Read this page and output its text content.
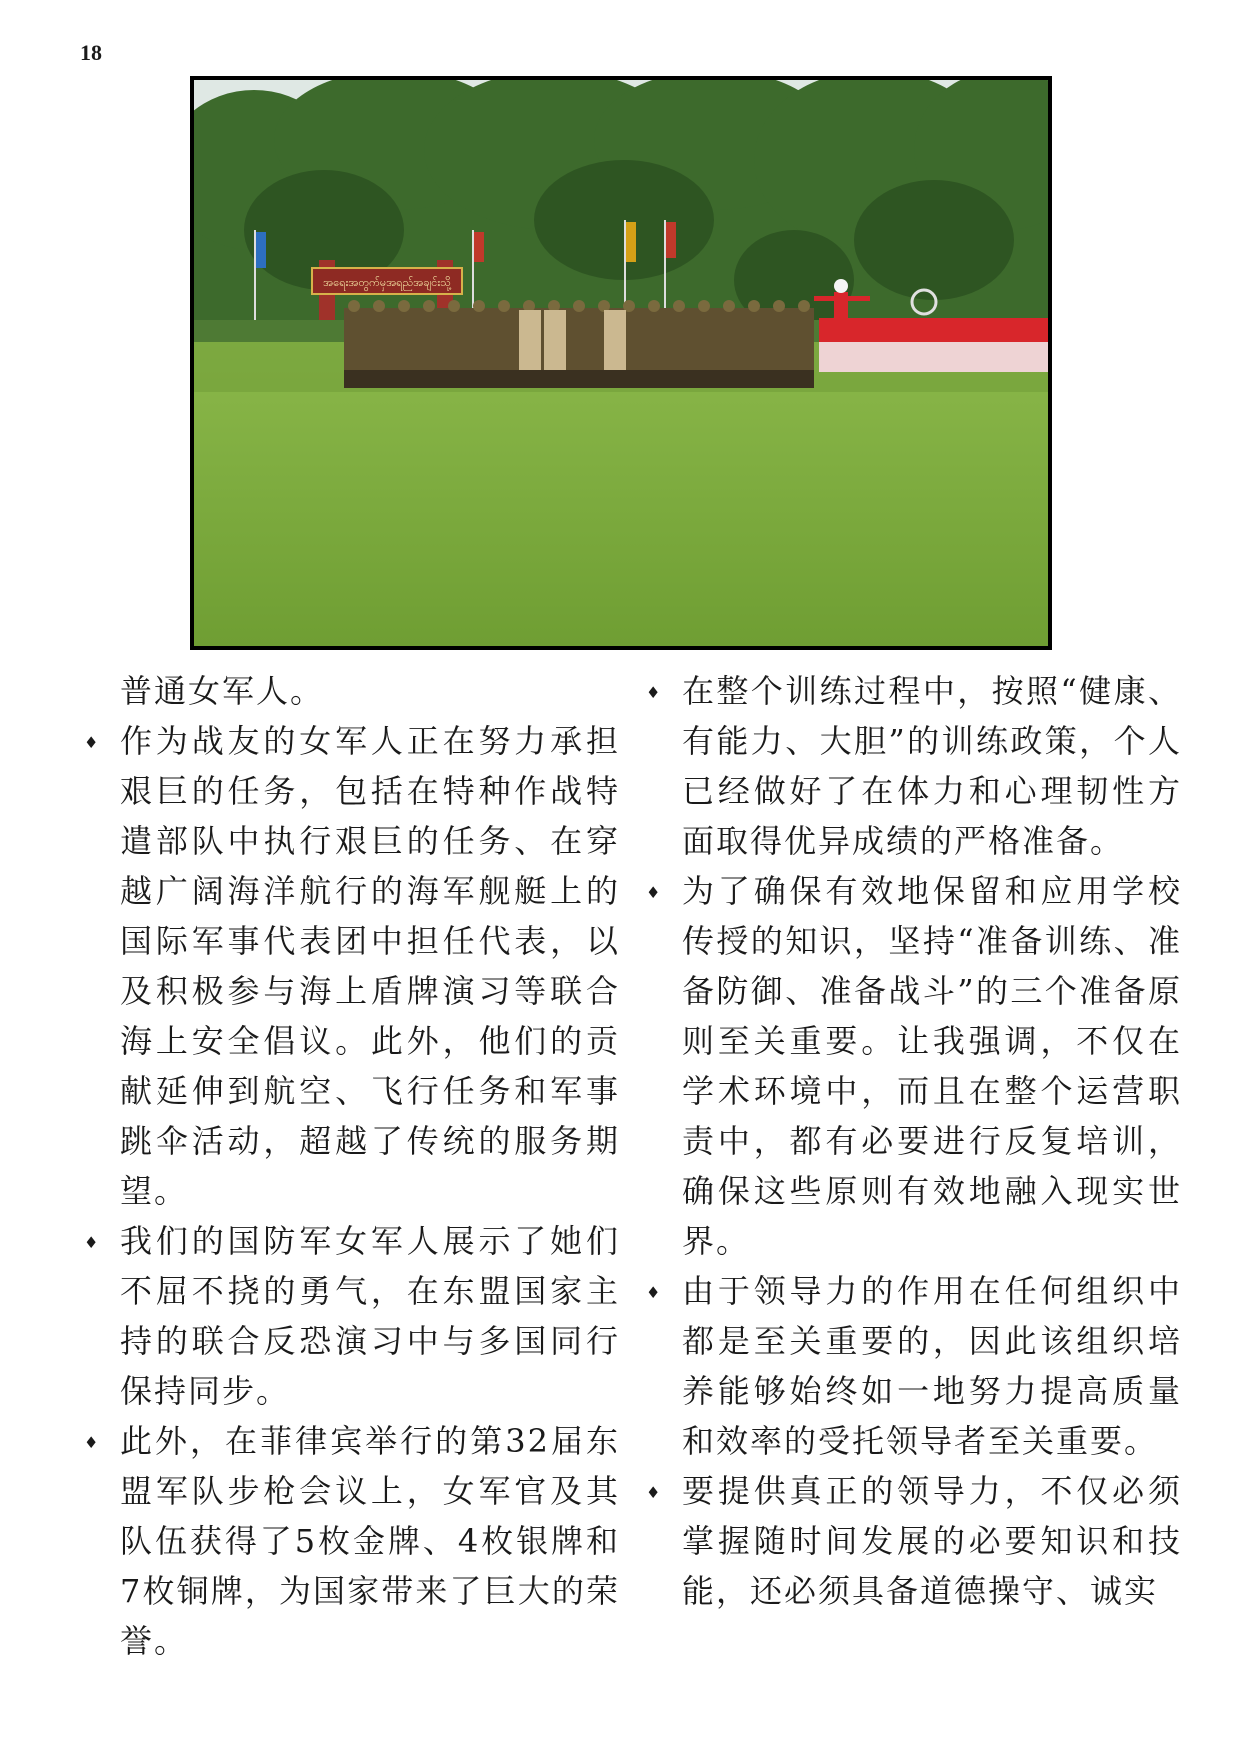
18
အရေးအတွက်မှအရည်အချင်းသို့

普通女军人。

♦ 作为战友的女军人正在努力承担艰巨的任务，包括在特种作战特遣部队中执行艰巨的任务、在穿越广阔海洋航行的海军舰艇上的国际军事代表团中担任代表，以及积极参与海上盾牌演习等联合海上安全倡议。此外，他们的贡献延伸到航空、飞行任务和军事跳伞活动，超越了传统的服务期望。

♦ 我们的国防军女军人展示了她们不屈不挠的勇气，在东盟国家主持的联合反恐演习中与多国同行保持同步。

♦ 此外，在菲律宾举行的第32届东盟军队步枪会议上，女军官及其队伍获得了5枚金牌、4枚银牌和7枚铜牌，为国家带来了巨大的荣誉。

♦ 在整个训练过程中，按照“健康、有能力、大胆”的训练政策，个人已经做好了在体力和心理韧性方面取得优异成绩的严格准备。

♦ 为了确保有效地保留和应用学校传授的知识，坚持“准备训练、准备防御、准备战斗”的三个准备原则至关重要。让我强调，不仅在学术环境中，而且在整个运营职责中，都有必要进行反复培训，确保这些原则有效地融入现实世界。

♦ 由于领导力的作用在任何组织中都是至关重要的，因此该组织培养能够始终如一地努力提高质量和效率的受托领导者至关重要。

♦ 要提供真正的领导力，不仅必须掌握随时间发展的必要知识和技能，还必须具备道德操守、诚实
